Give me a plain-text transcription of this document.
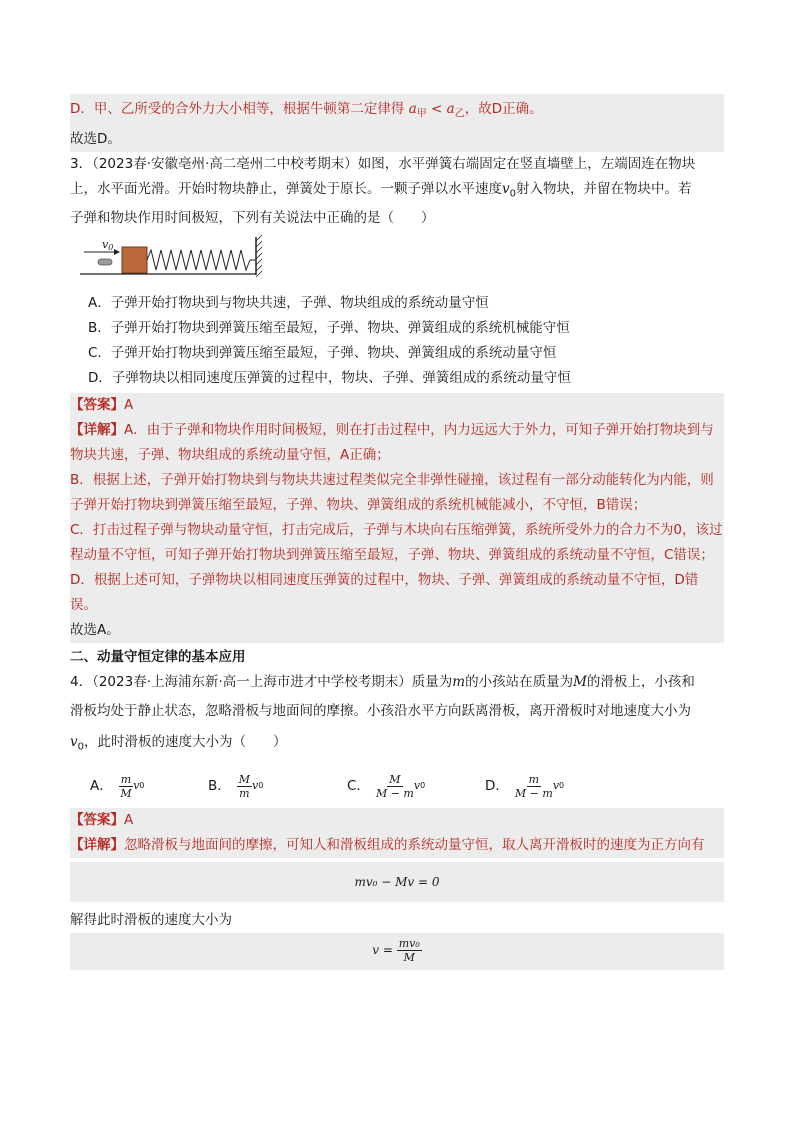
D．甲、乙所受的合外力大小相等，根据牛顿第二定律得 $a_甲 < a_乙$，故D正确。
故选D。
3．（2023春·安徽亳州·高二亳州二中校考期末）如图，水平弹簧右端固定在竖直墙壁上，左端固连在物块
上，水平面光滑。开始时物块静止，弹簧处于原长。一颗子弹以水平速度$v_0$射入物块，并留在物块中。若
子弹和物块作用时间极短，下列有关说法中正确的是（　　）
v0
A．子弹开始打物块到与物块共速，子弹、物块组成的系统动量守恒
B．子弹开始打物块到弹簧压缩至最短，子弹、物块、弹簧组成的系统机械能守恒
C．子弹开始打物块到弹簧压缩至最短，子弹、物块、弹簧组成的系统动量守恒
D．子弹物块以相同速度压弹簧的过程中，物块、子弹、弹簧组成的系统动量守恒
【答案】A
【详解】A．由于子弹和物块作用时间极短，则在打击过程中，内力远远大于外力，可知子弹开始打物块到与物块共速，子弹、物块组成的系统动量守恒，A正确；
B．根据上述，子弹开始打物块到与物块共速过程类似完全非弹性碰撞，该过程有一部分动能转化为内能，则子弹开始打物块到弹簧压缩至最短，子弹、物块、弹簧组成的系统机械能减小，不守恒，B错误；
C．打击过程子弹与物块动量守恒，打击完成后，子弹与木块向右压缩弹簧，系统所受外力的合力不为0，该过程动量不守恒，可知子弹开始打物块到弹簧压缩至最短，子弹、物块、弹簧组成的系统动量不守恒，C错误；
D．根据上述可知，子弹物块以相同速度压弹簧的过程中，物块、子弹、弹簧组成的系统动量不守恒，D错误。
故选A。
二、动量守恒定律的基本应用
4．（2023春·上海浦东新·高一上海市进才中学校考期末）质量为m的小孩站在质量为M的滑板上，小孩和
滑板均处于静止状态，忽略滑板与地面间的摩擦。小孩沿水平方向跃离滑板，离开滑板时对地速度大小为
$v_0$，此时滑板的速度大小为（　　）
A． $\frac{m}{M}$ v 0	B． $\frac{M}{m}$ v 0	C． $\frac{M}{M - m}$ v 0	D． $\frac{m}{M - m}$ v 0
【答案】A
【详解】忽略滑板与地面间的摩擦，可知人和滑板组成的系统动量守恒，取人离开滑板时的速度为正方向有
mv₀ − Mv = 0
解得此时滑板的速度大小为
$v = \frac{\text{mv₀}}{M}$
